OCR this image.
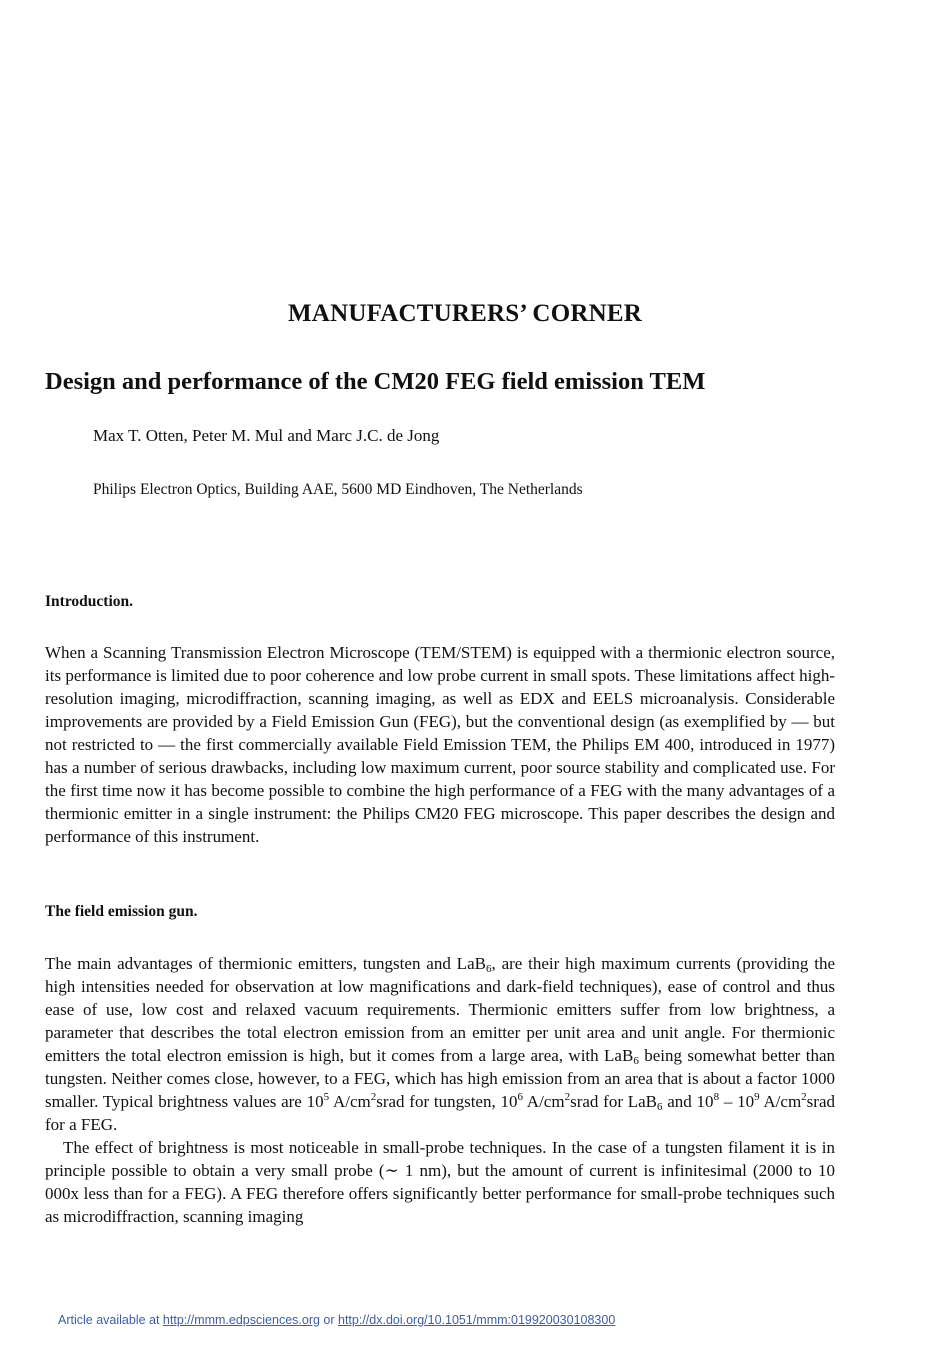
MANUFACTURERS’ CORNER
Design and performance of the CM20 FEG field emission TEM
Max T. Otten, Peter M. Mul and Marc J.C. de Jong
Philips Electron Optics, Building AAE, 5600 MD Eindhoven, The Netherlands
Introduction.

When a Scanning Transmission Electron Microscope (TEM/STEM) is equipped with a thermionic electron source, its performance is limited due to poor coherence and low probe current in small spots. These limitations affect high-resolution imaging, microdiffraction, scanning imaging, as well as EDX and EELS microanalysis. Considerable improvements are provided by a Field Emission Gun (FEG), but the conventional design (as exemplified by — but not restricted to — the first commercially available Field Emission TEM, the Philips EM 400, introduced in 1977) has a number of serious drawbacks, including low maximum current, poor source stability and complicated use. For the first time now it has become possible to combine the high performance of a FEG with the many advantages of a thermionic emitter in a single instrument: the Philips CM20 FEG microscope. This paper describes the design and performance of this instrument.

The field emission gun.

The main advantages of thermionic emitters, tungsten and LaB$_6$, are their high maximum currents (providing the high intensities needed for observation at low magnifications and dark-field techniques), ease of control and thus ease of use, low cost and relaxed vacuum requirements. Thermionic emitters suffer from low brightness, a parameter that describes the total electron emission from an emitter per unit area and unit angle. For thermionic emitters the total electron emission is high, but it comes from a large area, with LaB$_6$ being somewhat better than tungsten. Neither comes close, however, to a FEG, which has high emission from an area that is about a factor 1000 smaller. Typical brightness values are $10^5$ $A/cm^2srad$ for tungsten, $10^6$ $A/cm^2srad$ for LaB$_6$ and $10^8 - 10^9$ $A/cm^2srad$ for a FEG.

The effect of brightness is most noticeable in small-probe techniques. In the case of a tungsten filament it is in principle possible to obtain a very small probe (∼ 1 nm), but the amount of current is infinitesimal (2000 to 10 000x less than for a FEG). A FEG therefore offers significantly better performance for small-probe techniques such as microdiffraction, scanning imaging

Article available at http://mmm.edpsciences.org or http://dx.doi.org/10.1051/mmm:019920030108300
